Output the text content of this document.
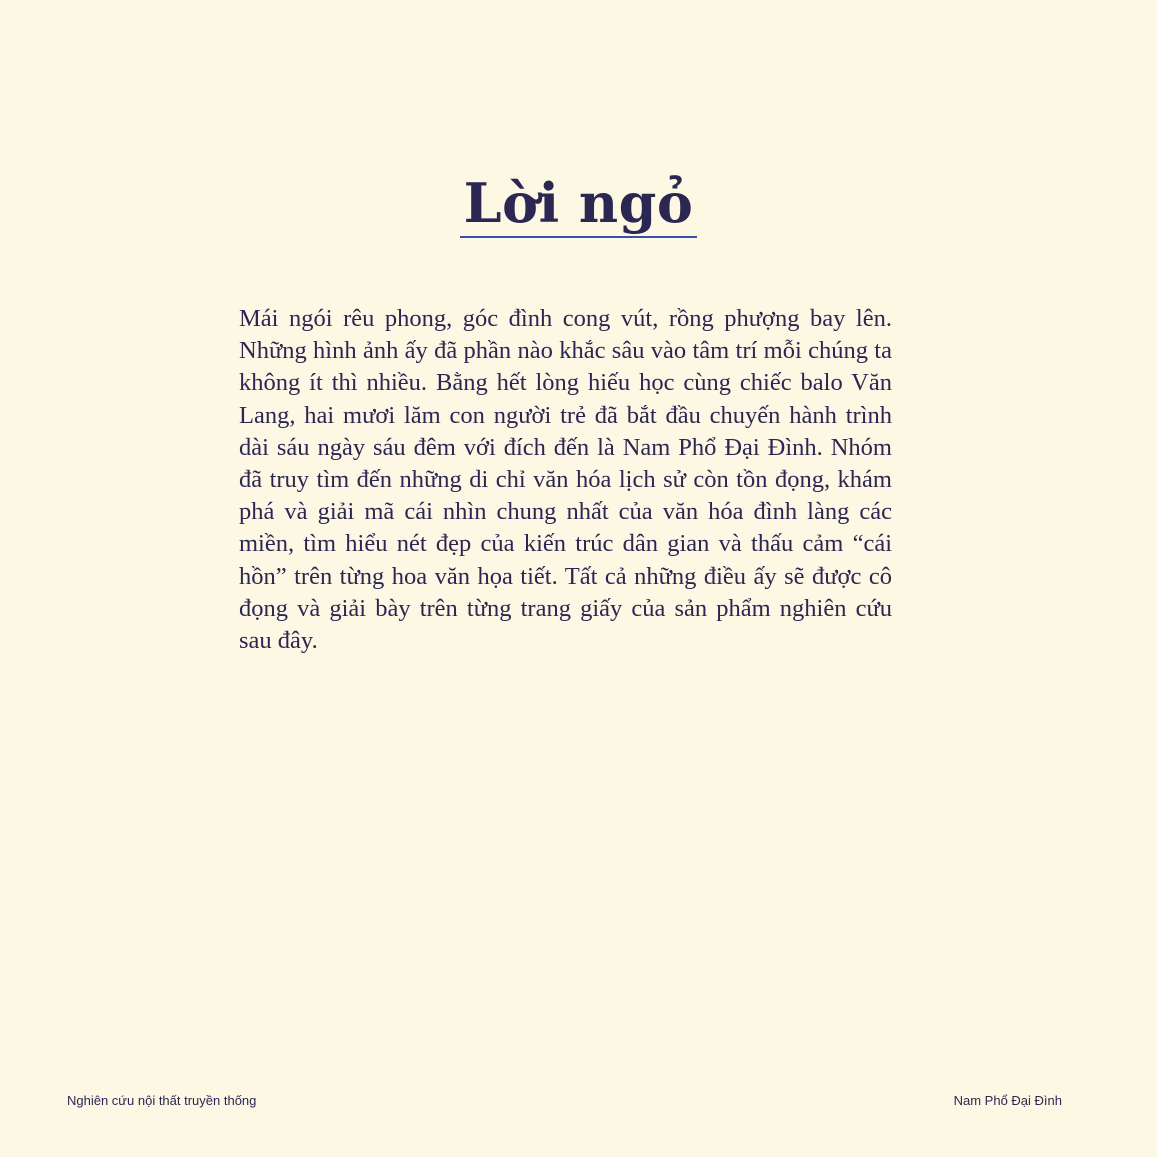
Lời ngỏ

Mái ngói rêu phong, góc đình cong vút, rồng phượng bay lên. Những hình ảnh ấy đã phần nào khắc sâu vào tâm trí mỗi chúng ta không ít thì nhiều. Bằng hết lòng hiếu học cùng chiếc balo Văn Lang, hai mươi lăm con người trẻ đã bắt đầu chuyến hành trình dài sáu ngày sáu đêm với đích đến là Nam Phổ Đại Đình. Nhóm đã truy tìm đến những di chỉ văn hóa lịch sử còn tồn đọng, khám phá và giải mã cái nhìn chung nhất của văn hóa đình làng các miền, tìm hiểu nét đẹp của kiến trúc dân gian và thấu cảm “cái hồn” trên từng hoa văn họa tiết. Tất cả những điều ấy sẽ được cô đọng và giải bày trên từng trang giấy của sản phẩm nghiên cứu sau đây.

Nghiên cứu nội thất truyền thống	Nam Phổ Đại Đình
